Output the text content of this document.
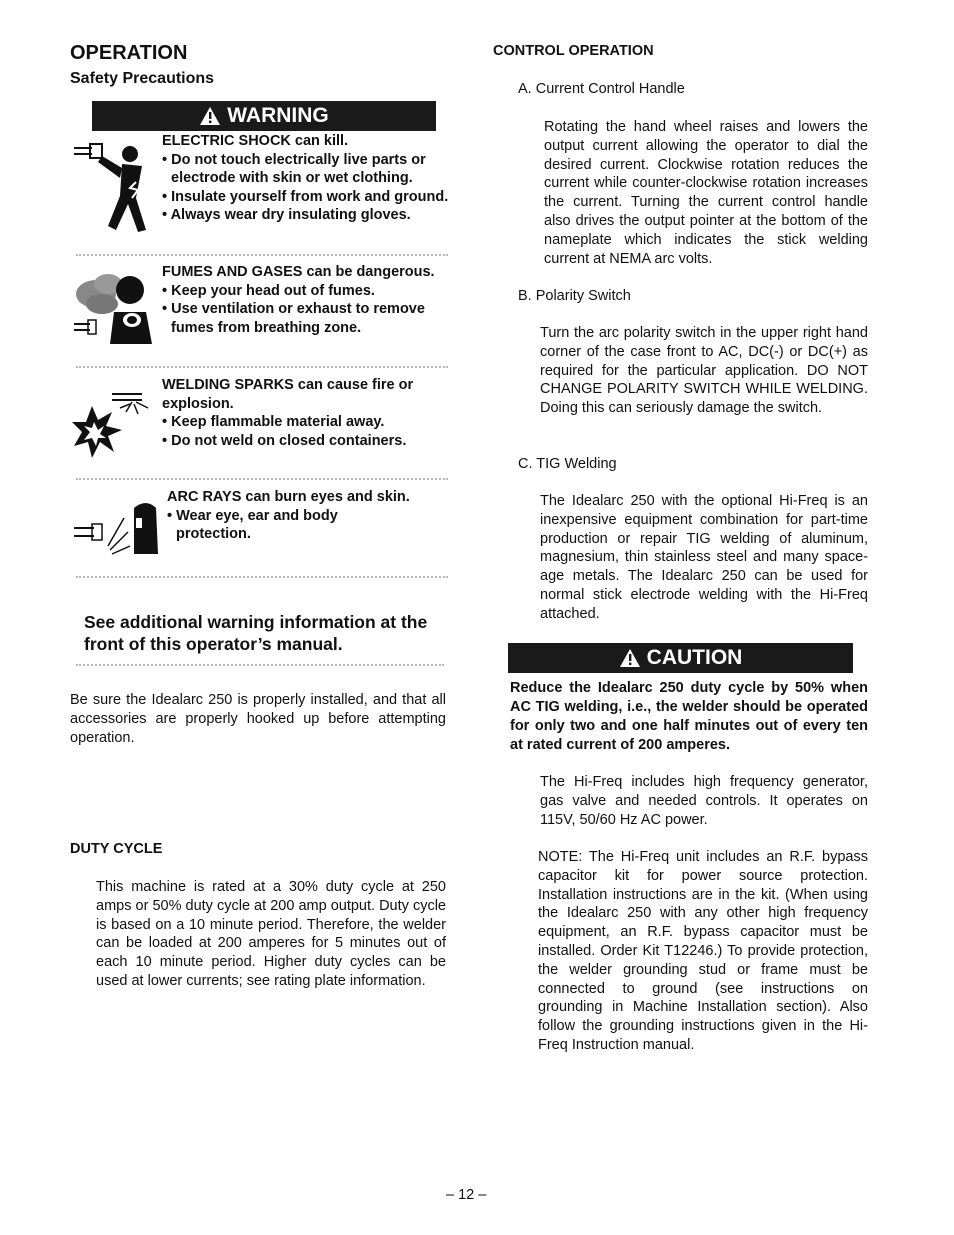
OPERATION
Safety Precautions
WARNING

ELECTRIC SHOCK can kill.

• Do not touch electrically live parts or electrode with skin or wet clothing.

• Insulate yourself from work and ground.

• Always wear dry insulating gloves.

FUMES AND GASES can be dangerous.

• Keep your head out of fumes.

• Use ventilation or exhaust to remove fumes from breathing zone.

WELDING SPARKS can cause fire or explosion.

• Keep flammable material away.

• Do not weld on closed containers.

ARC RAYS can burn eyes and skin.

• Wear eye, ear and body protection.

See additional warning information at the front of this operator’s manual.
Be sure the Idealarc 250 is properly installed, and that all accessories are properly hooked up before attempting operation.
DUTY CYCLE
This machine is rated at a 30% duty cycle at 250 amps or 50% duty cycle at 200 amp output. Duty cycle is based on a 10 minute period. Therefore, the welder can be loaded at 200 amperes for 5 minutes out of each 10 minute period. Higher duty cycles can be used at lower currents; see rating plate information.
CONTROL OPERATION
A. Current Control Handle
Rotating the hand wheel raises and lowers the output current allowing the operator to dial the desired current. Clockwise rotation reduces the current while counter-clockwise rotation increases the current. Turning the current control handle also drives the output pointer at the bottom of the nameplate which indicates the stick welding current at NEMA arc volts.
B. Polarity Switch
Turn the arc polarity switch in the upper right hand corner of the case front to AC, DC(-) or DC(+) as required for the particular application. DO NOT CHANGE POLARITY SWITCH WHILE WELDING. Doing this can seriously damage the switch.
C. TIG Welding
The Idealarc 250 with the optional Hi-Freq is an inexpensive equipment combination for part-time production or repair TIG welding of aluminum, magnesium, thin stainless steel and many space-age metals. The Idealarc 250 can be used for normal stick electrode welding with the Hi-Freq attached.
CAUTION
Reduce the Idealarc 250 duty cycle by 50% when AC TIG welding, i.e., the welder should be operated for only two and one half minutes out of every ten at rated current of 200 amperes.
The Hi-Freq includes high frequency generator, gas valve and needed controls. It operates on 115V, 50/60 Hz AC power.
NOTE: The Hi-Freq unit includes an R.F. bypass capacitor kit for power source protection. Installation instructions are in the kit. (When using the Idealarc 250 with any other high frequency equipment, an R.F. bypass capacitor must be installed. Order Kit T12246.) To provide protection, the welder grounding stud or frame must be connected to ground (see instructions on grounding in Machine Installation section). Also follow the grounding instructions given in the Hi-Freq Instruction manual.
– 12 –
